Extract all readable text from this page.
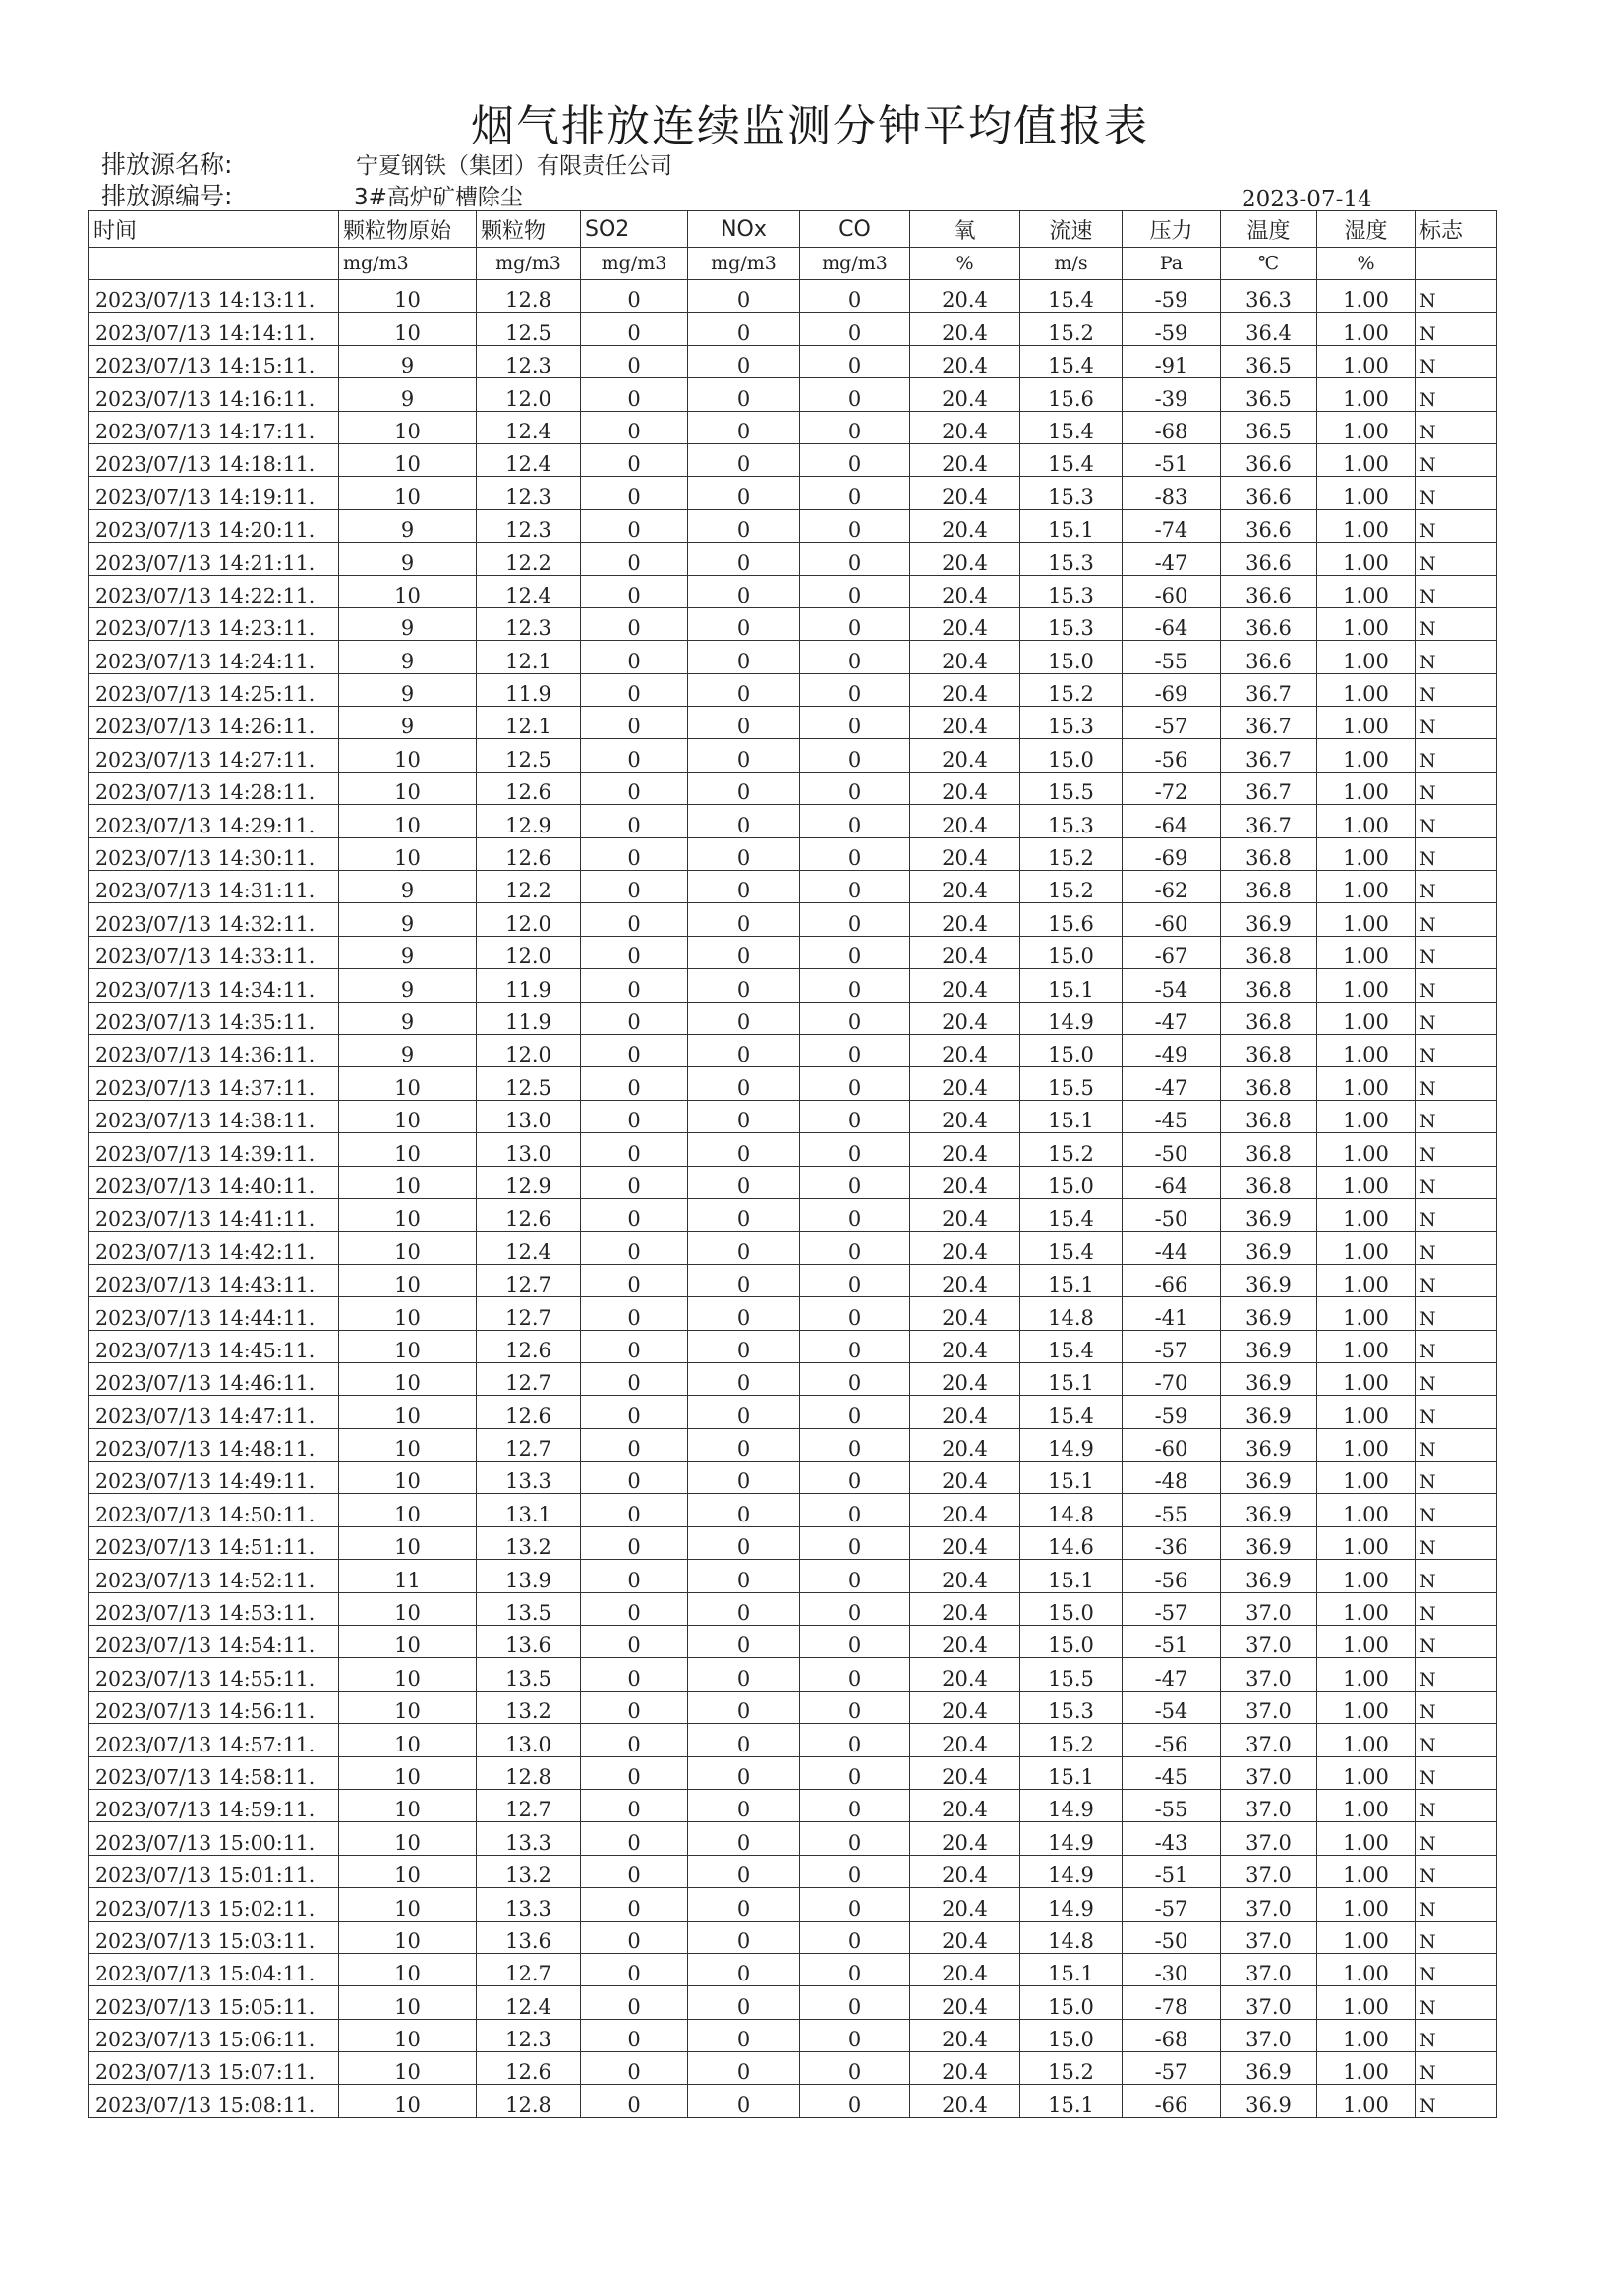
烟气排放连续监测分钟平均值报表
排放源名称:	宁夏钢铁（集团）有限责任公司
排放源编号:	3#高炉矿槽除尘	2023-07-14
时间	颗粒物原始	颗粒物	SO2	NOx	CO	氧	流速	压力	温度	湿度	标志
	mg/m3	mg/m3	mg/m3	mg/m3	mg/m3	%	m/s	Pa	℃	%	
2023/07/13 14:13:11.	10	12.8	0	0	0	20.4	15.4	-59	36.3	1.00	N
2023/07/13 14:14:11.	10	12.5	0	0	0	20.4	15.2	-59	36.4	1.00	N
2023/07/13 14:15:11.	9	12.3	0	0	0	20.4	15.4	-91	36.5	1.00	N
2023/07/13 14:16:11.	9	12.0	0	0	0	20.4	15.6	-39	36.5	1.00	N
2023/07/13 14:17:11.	10	12.4	0	0	0	20.4	15.4	-68	36.5	1.00	N
2023/07/13 14:18:11.	10	12.4	0	0	0	20.4	15.4	-51	36.6	1.00	N
2023/07/13 14:19:11.	10	12.3	0	0	0	20.4	15.3	-83	36.6	1.00	N
2023/07/13 14:20:11.	9	12.3	0	0	0	20.4	15.1	-74	36.6	1.00	N
2023/07/13 14:21:11.	9	12.2	0	0	0	20.4	15.3	-47	36.6	1.00	N
2023/07/13 14:22:11.	10	12.4	0	0	0	20.4	15.3	-60	36.6	1.00	N
2023/07/13 14:23:11.	9	12.3	0	0	0	20.4	15.3	-64	36.6	1.00	N
2023/07/13 14:24:11.	9	12.1	0	0	0	20.4	15.0	-55	36.6	1.00	N
2023/07/13 14:25:11.	9	11.9	0	0	0	20.4	15.2	-69	36.7	1.00	N
2023/07/13 14:26:11.	9	12.1	0	0	0	20.4	15.3	-57	36.7	1.00	N
2023/07/13 14:27:11.	10	12.5	0	0	0	20.4	15.0	-56	36.7	1.00	N
2023/07/13 14:28:11.	10	12.6	0	0	0	20.4	15.5	-72	36.7	1.00	N
2023/07/13 14:29:11.	10	12.9	0	0	0	20.4	15.3	-64	36.7	1.00	N
2023/07/13 14:30:11.	10	12.6	0	0	0	20.4	15.2	-69	36.8	1.00	N
2023/07/13 14:31:11.	9	12.2	0	0	0	20.4	15.2	-62	36.8	1.00	N
2023/07/13 14:32:11.	9	12.0	0	0	0	20.4	15.6	-60	36.9	1.00	N
2023/07/13 14:33:11.	9	12.0	0	0	0	20.4	15.0	-67	36.8	1.00	N
2023/07/13 14:34:11.	9	11.9	0	0	0	20.4	15.1	-54	36.8	1.00	N
2023/07/13 14:35:11.	9	11.9	0	0	0	20.4	14.9	-47	36.8	1.00	N
2023/07/13 14:36:11.	9	12.0	0	0	0	20.4	15.0	-49	36.8	1.00	N
2023/07/13 14:37:11.	10	12.5	0	0	0	20.4	15.5	-47	36.8	1.00	N
2023/07/13 14:38:11.	10	13.0	0	0	0	20.4	15.1	-45	36.8	1.00	N
2023/07/13 14:39:11.	10	13.0	0	0	0	20.4	15.2	-50	36.8	1.00	N
2023/07/13 14:40:11.	10	12.9	0	0	0	20.4	15.0	-64	36.8	1.00	N
2023/07/13 14:41:11.	10	12.6	0	0	0	20.4	15.4	-50	36.9	1.00	N
2023/07/13 14:42:11.	10	12.4	0	0	0	20.4	15.4	-44	36.9	1.00	N
2023/07/13 14:43:11.	10	12.7	0	0	0	20.4	15.1	-66	36.9	1.00	N
2023/07/13 14:44:11.	10	12.7	0	0	0	20.4	14.8	-41	36.9	1.00	N
2023/07/13 14:45:11.	10	12.6	0	0	0	20.4	15.4	-57	36.9	1.00	N
2023/07/13 14:46:11.	10	12.7	0	0	0	20.4	15.1	-70	36.9	1.00	N
2023/07/13 14:47:11.	10	12.6	0	0	0	20.4	15.4	-59	36.9	1.00	N
2023/07/13 14:48:11.	10	12.7	0	0	0	20.4	14.9	-60	36.9	1.00	N
2023/07/13 14:49:11.	10	13.3	0	0	0	20.4	15.1	-48	36.9	1.00	N
2023/07/13 14:50:11.	10	13.1	0	0	0	20.4	14.8	-55	36.9	1.00	N
2023/07/13 14:51:11.	10	13.2	0	0	0	20.4	14.6	-36	36.9	1.00	N
2023/07/13 14:52:11.	11	13.9	0	0	0	20.4	15.1	-56	36.9	1.00	N
2023/07/13 14:53:11.	10	13.5	0	0	0	20.4	15.0	-57	37.0	1.00	N
2023/07/13 14:54:11.	10	13.6	0	0	0	20.4	15.0	-51	37.0	1.00	N
2023/07/13 14:55:11.	10	13.5	0	0	0	20.4	15.5	-47	37.0	1.00	N
2023/07/13 14:56:11.	10	13.2	0	0	0	20.4	15.3	-54	37.0	1.00	N
2023/07/13 14:57:11.	10	13.0	0	0	0	20.4	15.2	-56	37.0	1.00	N
2023/07/13 14:58:11.	10	12.8	0	0	0	20.4	15.1	-45	37.0	1.00	N
2023/07/13 14:59:11.	10	12.7	0	0	0	20.4	14.9	-55	37.0	1.00	N
2023/07/13 15:00:11.	10	13.3	0	0	0	20.4	14.9	-43	37.0	1.00	N
2023/07/13 15:01:11.	10	13.2	0	0	0	20.4	14.9	-51	37.0	1.00	N
2023/07/13 15:02:11.	10	13.3	0	0	0	20.4	14.9	-57	37.0	1.00	N
2023/07/13 15:03:11.	10	13.6	0	0	0	20.4	14.8	-50	37.0	1.00	N
2023/07/13 15:04:11.	10	12.7	0	0	0	20.4	15.1	-30	37.0	1.00	N
2023/07/13 15:05:11.	10	12.4	0	0	0	20.4	15.0	-78	37.0	1.00	N
2023/07/13 15:06:11.	10	12.3	0	0	0	20.4	15.0	-68	37.0	1.00	N
2023/07/13 15:07:11.	10	12.6	0	0	0	20.4	15.2	-57	36.9	1.00	N
2023/07/13 15:08:11.	10	12.8	0	0	0	20.4	15.1	-66	36.9	1.00	N
